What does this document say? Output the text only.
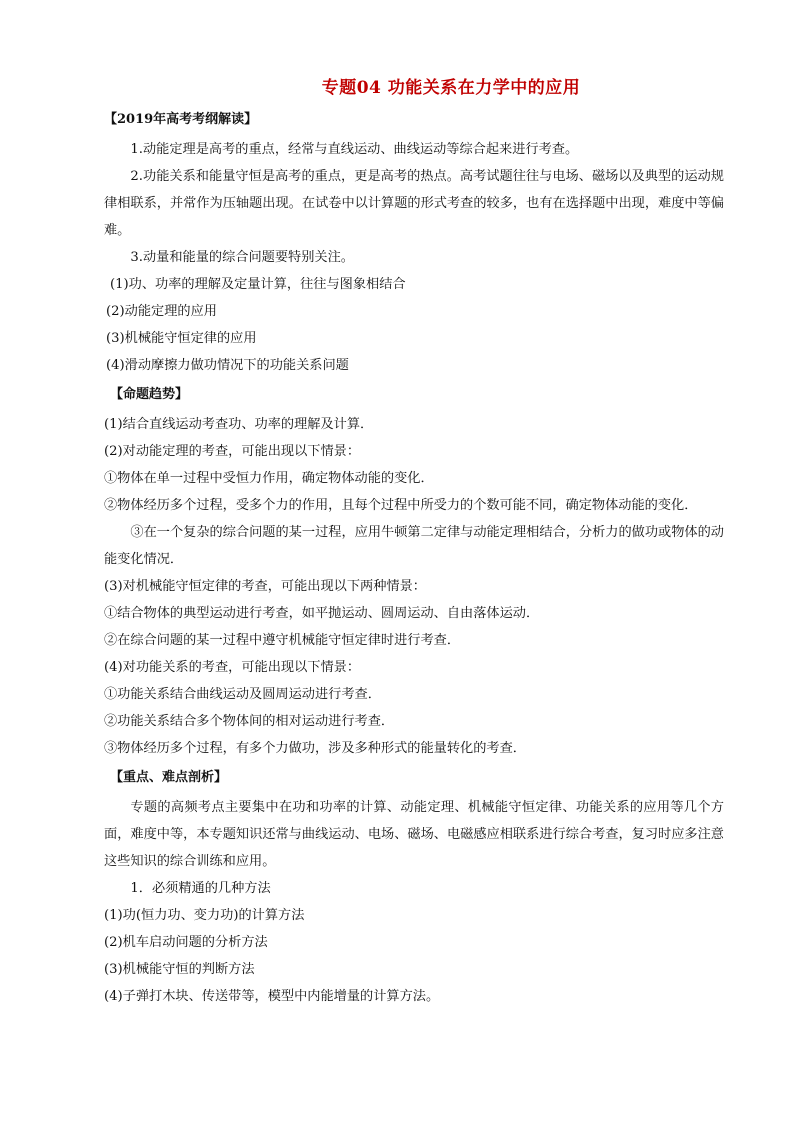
专题04 功能关系在力学中的应用
【2019年高考考纲解读】

1.动能定理是高考的重点，经常与直线运动、曲线运动等综合起来进行考查。

2.功能关系和能量守恒是高考的重点，更是高考的热点。高考试题往往与电场、磁场以及典型的运动规律相联系，并常作为压轴题出现。在试卷中以计算题的形式考查的较多，也有在选择题中出现，难度中等偏难。

3.动量和能量的综合问题要特别关注。

(1)功、功率的理解及定量计算，往往与图象相结合

(2)动能定理的应用

(3)机械能守恒定律的应用

(4)滑动摩擦力做功情况下的功能关系问题

【命题趋势】

(1)结合直线运动考查功、功率的理解及计算．

(2)对动能定理的考查，可能出现以下情景：

①物体在单一过程中受恒力作用，确定物体动能的变化．

②物体经历多个过程，受多个力的作用，且每个过程中所受力的个数可能不同，确定物体动能的变化．

③在一个复杂的综合问题的某一过程，应用牛顿第二定律与动能定理相结合，分析力的做功或物体的动能变化情况．

(3)对机械能守恒定律的考查，可能出现以下两种情景：

①结合物体的典型运动进行考查，如平抛运动、圆周运动、自由落体运动．

②在综合问题的某一过程中遵守机械能守恒定律时进行考查．

(4)对功能关系的考查，可能出现以下情景：

①功能关系结合曲线运动及圆周运动进行考查．

②功能关系结合多个物体间的相对运动进行考查．

③物体经历多个过程，有多个力做功，涉及多种形式的能量转化的考查．

【重点、难点剖析】

专题的高频考点主要集中在功和功率的计算、动能定理、机械能守恒定律、功能关系的应用等几个方面，难度中等，本专题知识还常与曲线运动、电场、磁场、电磁感应相联系进行综合考查，复习时应多注意这些知识的综合训练和应用。

1．必须精通的几种方法

(1)功(恒力功、变力功)的计算方法

(2)机车启动问题的分析方法

(3)机械能守恒的判断方法

(4)子弹打木块、传送带等，模型中内能增量的计算方法。
